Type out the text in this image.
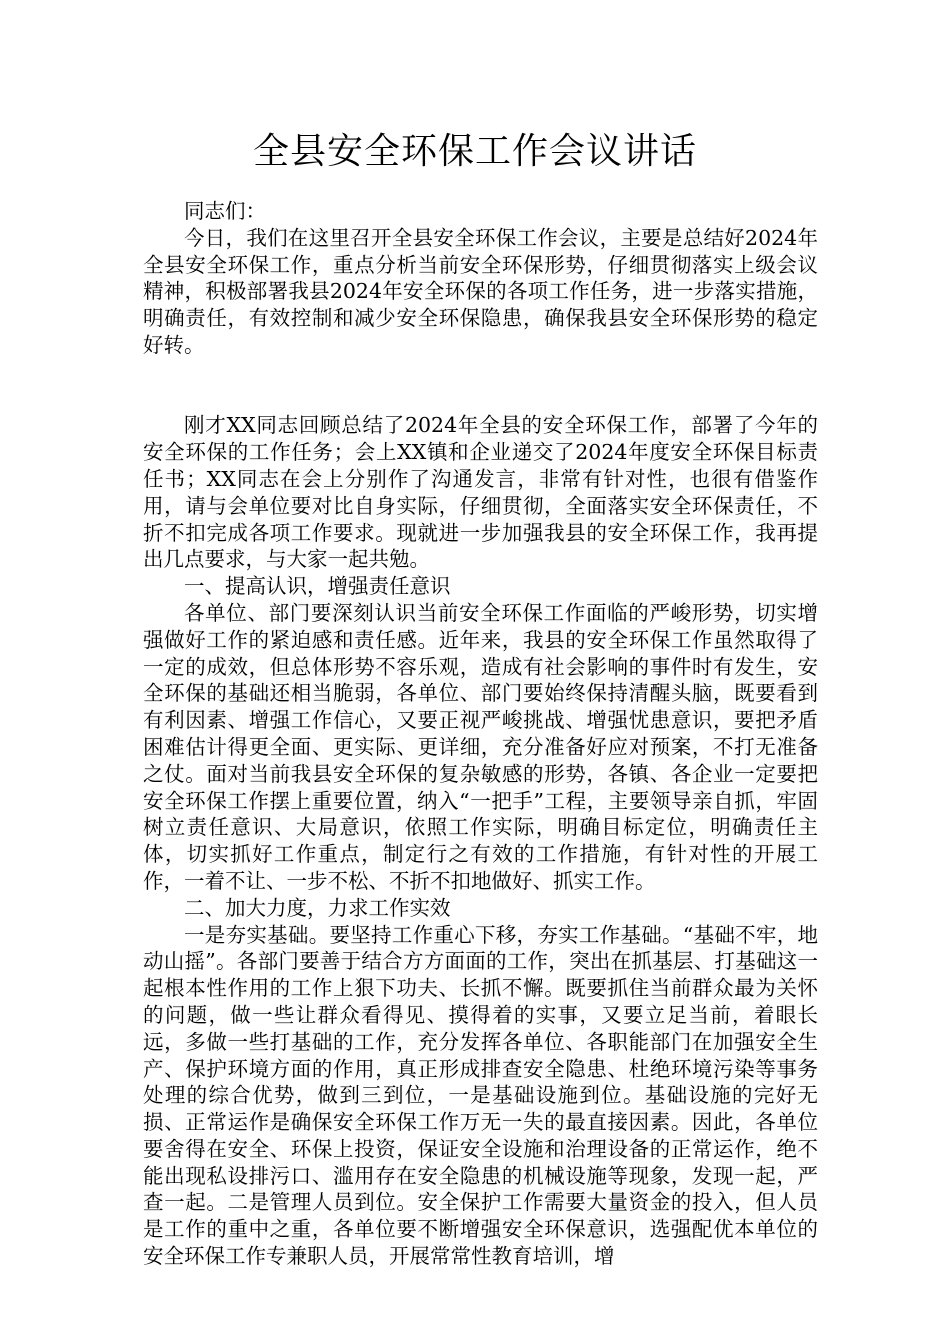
全县安全环保工作会议讲话

同志们：

今日，我们在这里召开全县安全环保工作会议，主要是总结好2024年全县安全环保工作，重点分析当前安全环保形势，仔细贯彻落实上级会议精神，积极部署我县2024年安全环保的各项工作任务，进一步落实措施，明确责任，有效控制和减少安全环保隐患，确保我县安全环保形势的稳定好转。

刚才XX同志回顾总结了2024年全县的安全环保工作，部署了今年的安全环保的工作任务；会上XX镇和企业递交了2024年度安全环保目标责任书；XX同志在会上分别作了沟通发言，非常有针对性，也很有借鉴作用，请与会单位要对比自身实际，仔细贯彻，全面落实安全环保责任，不折不扣完成各项工作要求。现就进一步加强我县的安全环保工作，我再提出几点要求，与大家一起共勉。

一、提高认识，增强责任意识

各单位、部门要深刻认识当前安全环保工作面临的严峻形势，切实增强做好工作的紧迫感和责任感。近年来，我县的安全环保工作虽然取得了一定的成效，但总体形势不容乐观，造成有社会影响的事件时有发生，安全环保的基础还相当脆弱，各单位、部门要始终保持清醒头脑，既要看到有利因素、增强工作信心，又要正视严峻挑战、增强忧患意识，要把矛盾困难估计得更全面、更实际、更详细，充分准备好应对预案，不打无准备之仗。面对当前我县安全环保的复杂敏感的形势，各镇、各企业一定要把安全环保工作摆上重要位置，纳入“一把手”工程，主要领导亲自抓，牢固树立责任意识、大局意识，依照工作实际，明确目标定位，明确责任主体，切实抓好工作重点，制定行之有效的工作措施，有针对性的开展工作，一着不让、一步不松、不折不扣地做好、抓实工作。

二、加大力度，力求工作实效

一是夯实基础。要坚持工作重心下移，夯实工作基础。“基础不牢，地动山摇”。各部门要善于结合方方面面的工作，突出在抓基层、打基础这一起根本性作用的工作上狠下功夫、长抓不懈。既要抓住当前群众最为关怀的问题，做一些让群众看得见、摸得着的实事，又要立足当前，着眼长远，多做一些打基础的工作，充分发挥各单位、各职能部门在加强安全生产、保护环境方面的作用，真正形成排查安全隐患、杜绝环境污染等事务处理的综合优势，做到三到位，一是基础设施到位。基础设施的完好无损、正常运作是确保安全环保工作万无一失的最直接因素。因此，各单位要舍得在安全、环保上投资，保证安全设施和治理设备的正常运作，绝不能出现私设排污口、滥用存在安全隐患的机械设施等现象，发现一起，严查一起。二是管理人员到位。安全保护工作需要大量资金的投入，但人员是工作的重中之重，各单位要不断增强安全环保意识，选强配优本单位的安全环保工作专兼职人员，开展常常性教育培训，增
